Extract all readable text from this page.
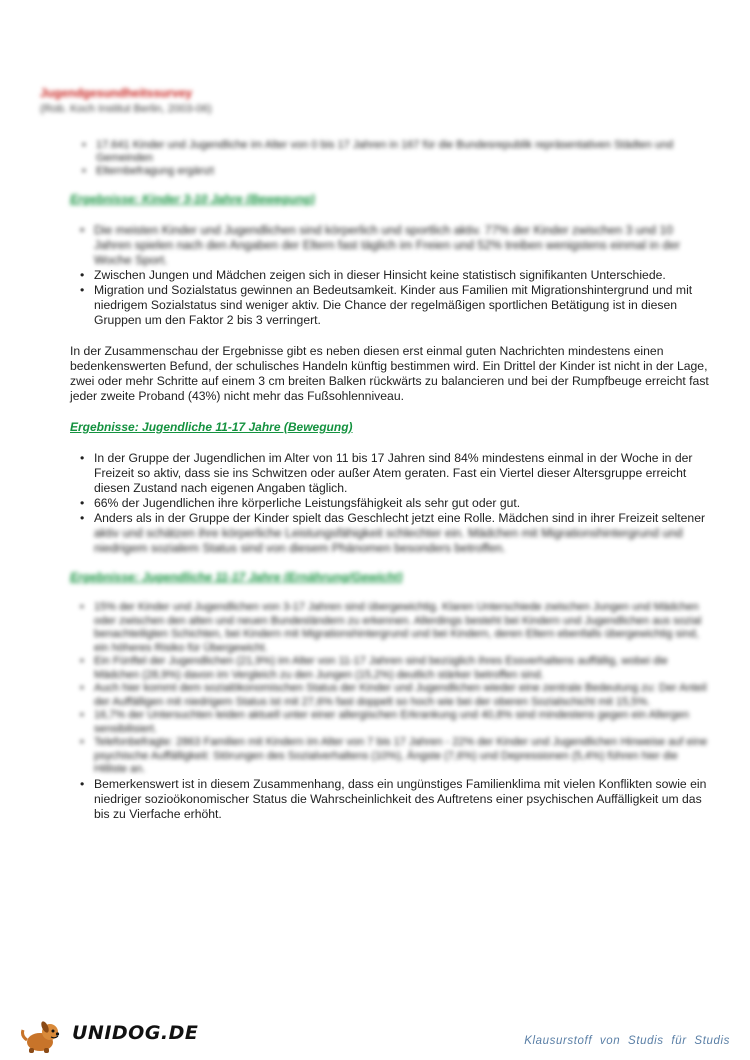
Jugendgesundheitssurvey
(Rob. Koch Institut Berlin, 2003-06)
• 17.641 Kinder und Jugendliche im Alter von 0 bis 17 Jahren in 167 für die Bundesrepublik repräsentativen Städten und Gemeinden
• Elternbefragung ergänzt
Ergebnisse: Kinder 3-10 Jahre (Bewegung)
• Die meisten Kinder und Jugendlichen sind körperlich und sportlich aktiv. 77% der Kinder zwischen 3 und 10 Jahren spielen nach den Angaben der Eltern fast täglich im Freien und 52% treiben wenigstens einmal in der Woche Sport.
• Zwischen Jungen und Mädchen zeigen sich in dieser Hinsicht keine statistisch signifikanten Unterschiede.
• Migration und Sozialstatus gewinnen an Bedeutsamkeit. Kinder aus Familien mit Migrationshintergrund und mit niedrigem Sozialstatus sind weniger aktiv. Die Chance der regelmäßigen sportlichen Betätigung ist in diesen Gruppen um den Faktor 2 bis 3 verringert.

In der Zusammenschau der Ergebnisse gibt es neben diesen erst einmal guten Nachrichten mindestens einen bedenkenswerten Befund, der schulisches Handeln künftig bestimmen wird. Ein Drittel der Kinder ist nicht in der Lage, zwei oder mehr Schritte auf einem 3 cm breiten Balken rückwärts zu balancieren und bei der Rumpfbeuge erreicht fast jeder zweite Proband (43%) nicht mehr das Fußsohlenniveau.

Ergebnisse: Jugendliche 11-17 Jahre (Bewegung)
• In der Gruppe der Jugendlichen im Alter von 11 bis 17 Jahren sind 84% mindestens einmal in der Woche in der Freizeit so aktiv, dass sie ins Schwitzen oder außer Atem geraten. Fast ein Viertel dieser Altersgruppe erreicht diesen Zustand nach eigenen Angaben täglich.
• 66% der Jugendlichen ihre körperliche Leistungsfähigkeit als sehr gut oder gut.
• Anders als in der Gruppe der Kinder spielt das Geschlecht jetzt eine Rolle. Mädchen sind in ihrer Freizeit seltener
aktiv und schätzen ihre körperliche Leistungsfähigkeit schlechter ein. Mädchen mit Migrationshintergrund und niedrigem sozialem Status sind von diesem Phänomen besonders betroffen.
Ergebnisse: Jugendliche 11-17 Jahre (Ernährung/Gewicht)
• 15% der Kinder und Jugendlichen von 3-17 Jahren sind übergewichtig. Klaren Unterschiede zwischen Jungen und Mädchen oder zwischen den alten und neuen Bundesländern zu erkennen. Allerdings besteht bei Kindern und Jugendlichen aus sozial benachteiligten Schichten, bei Kindern mit Migrationshintergrund und bei Kindern, deren Eltern ebenfalls übergewichtig sind, ein höheres Risiko für Übergewicht.
• Ein Fünftel der Jugendlichen (21,9%) im Alter von 11-17 Jahren sind bezüglich ihres Essverhaltens auffällig, wobei die Mädchen (28,9%) davon im Vergleich zu den Jungen (15,2%) deutlich stärker betroffen sind.
• Auch hier kommt dem sozialökonomischen Status der Kinder und Jugendlichen wieder eine zentrale Bedeutung zu: Der Anteil der Auffälligen mit niedrigem Status ist mit 27,6% fast doppelt so hoch wie bei der oberen Sozialschicht mit 15,5%.
• 16,7% der Untersuchten leiden aktuell unter einer allergischen Erkrankung und 40,8% sind mindestens gegen ein Allergen sensibilisiert.
• Telefonbefragte: 2863 Familien mit Kindern im Alter von 7 bis 17 Jahren - 22% der Kinder und Jugendlichen Hinweise auf eine psychische Auffälligkeit: Störungen des Sozialverhaltens (10%), Ängste (7,6%) und Depressionen (5,4%) führen hier die Hitliste an.
• Bemerkenswert ist in diesem Zusammenhang, dass ein ungünstiges Familienklima mit vielen Konflikten sowie ein niedriger sozioökonomischer Status die Wahrscheinlichkeit des Auftretens einer psychischen Auffälligkeit um das bis zu Vierfache erhöht.
UNIDOG.DE	Klausurstoff von Studis für Studis
